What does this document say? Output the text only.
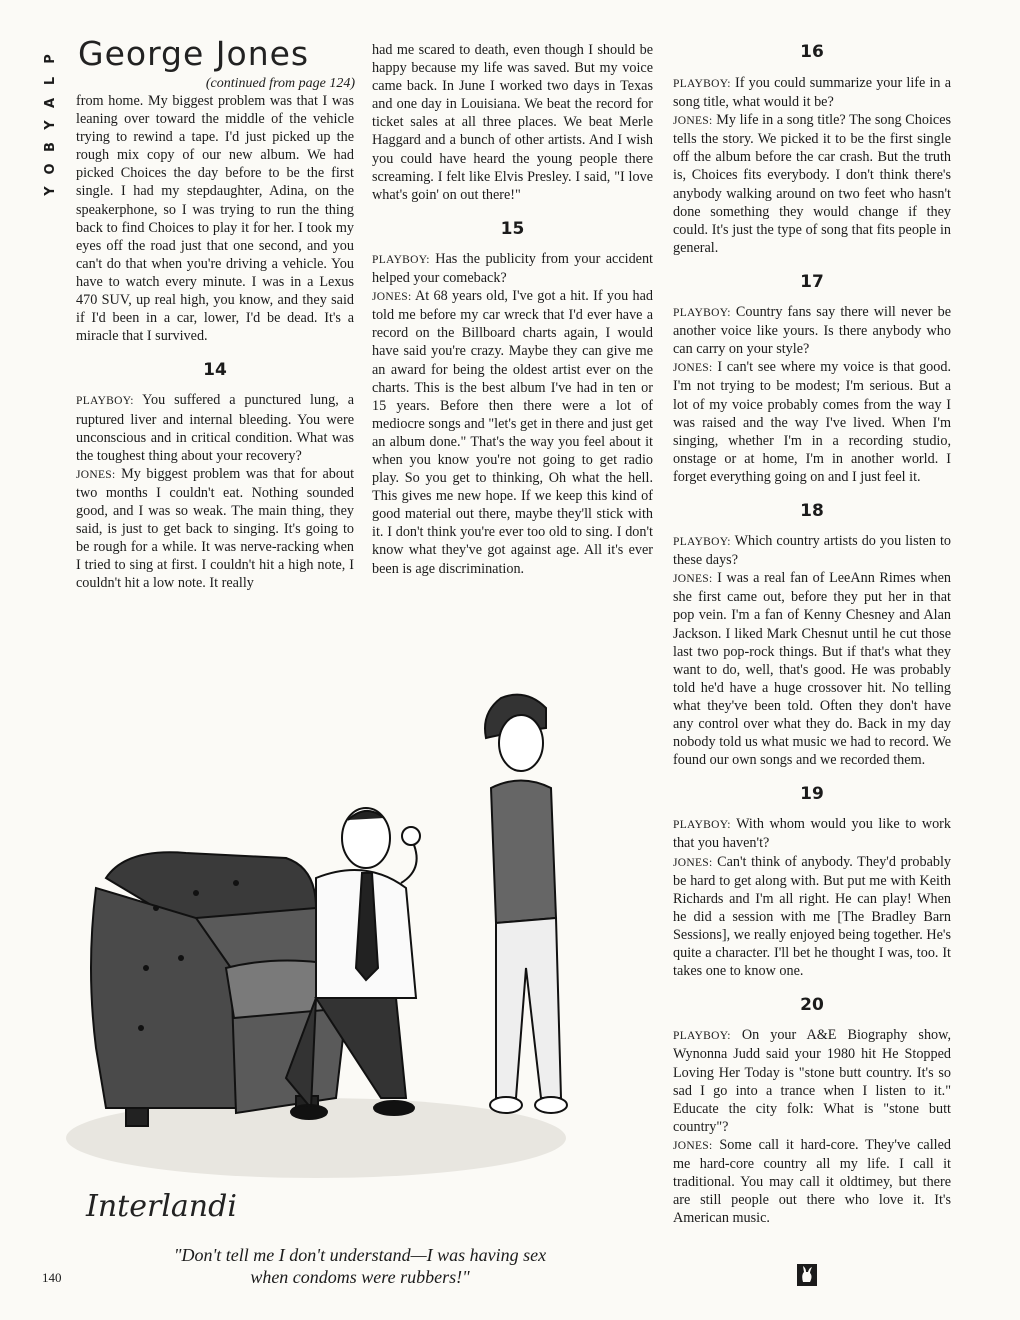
P
L
A
Y
B
O
Y
George Jones
(continued from page 124)

from home. My biggest problem was that I was leaning over toward the middle of the vehicle trying to rewind a tape. I'd just picked up the rough mix copy of our new album. We had picked Choices the day before to be the first single. I had my stepdaughter, Adina, on the speakerphone, so I was trying to run the thing back to find Choices to play it for her. I took my eyes off the road just that one second, and you can't do that when you're driving a vehicle. You have to watch every minute. I was in a Lexus 470 SUV, up real high, you know, and they said if I'd been in a car, lower, I'd be dead. It's a miracle that I survived.

14

PLAYBOY: You suffered a punctured lung, a ruptured liver and internal bleeding. You were unconscious and in critical condition. What was the toughest thing about your recovery?

JONES: My biggest problem was that for about two months I couldn't eat. Nothing sounded good, and I was so weak. The main thing, they said, is just to get back to singing. It's going to be rough for a while. It was nerve-racking when I tried to sing at first. I couldn't hit a high note, I couldn't hit a low note. It really

had me scared to death, even though I should be happy because my life was saved. But my voice came back. In June I worked two days in Texas and one day in Louisiana. We beat the record for ticket sales at all three places. We beat Merle Haggard and a bunch of other artists. And I wish you could have heard the young people there screaming. I felt like Elvis Presley. I said, "I love what's goin' on out there!"

15

PLAYBOY: Has the publicity from your accident helped your comeback?

JONES: At 68 years old, I've got a hit. If you had told me before my car wreck that I'd ever have a record on the Billboard charts again, I would have said you're crazy. Maybe they can give me an award for being the oldest artist ever on the charts. This is the best album I've had in ten or 15 years. Before then there were a lot of mediocre songs and "let's get in there and just get an album done." That's the way you feel about it when you know you're not going to get radio play. So you get to thinking, Oh what the hell. This gives me new hope. If we keep this kind of good material out there, maybe they'll stick with it. I don't think you're ever too old to sing. I don't know what they've got against age. All it's ever been is age discrimination.

16

PLAYBOY: If you could summarize your life in a song title, what would it be?

JONES: My life in a song title? The song Choices tells the story. We picked it to be the first single off the album before the car crash. But the truth is, Choices fits everybody. I don't think there's anybody walking around on two feet who hasn't done something they would change if they could. It's just the type of song that fits people in general.

17

PLAYBOY: Country fans say there will never be another voice like yours. Is there anybody who can carry on your style?

JONES: I can't see where my voice is that good. I'm not trying to be modest; I'm serious. But a lot of my voice probably comes from the way I was raised and the way I've lived. When I'm singing, whether I'm in a recording studio, onstage or at home, I'm in another world. I forget everything going on and I just feel it.

18

PLAYBOY: Which country artists do you listen to these days?

JONES: I was a real fan of LeeAnn Rimes when she first came out, before they put her in that pop vein. I'm a fan of Kenny Chesney and Alan Jackson. I liked Mark Chesnut until he cut those last two pop-rock things. But if that's what they want to do, well, that's good. He was probably told he'd have a huge crossover hit. No telling what they've been told. Often they don't have any control over what they do. Back in my day nobody told us what music we had to record. We found our own songs and we recorded them.

19

PLAYBOY: With whom would you like to work that you haven't?

JONES: Can't think of anybody. They'd probably be hard to get along with. But put me with Keith Richards and I'm all right. He can play! When he did a session with me [The Bradley Barn Sessions], we really enjoyed being together. He's quite a character. I'll bet he thought I was, too. It takes one to know one.

20

PLAYBOY: On your A&E Biography show, Wynonna Judd said your 1980 hit He Stopped Loving Her Today is "stone butt country. It's so sad I go into a trance when I listen to it." Educate the city folk: What is "stone butt country"?

JONES: Some call it hard-core. They've called me hard-core country all my life. I call it traditional. You may call it oldtimey, but there are still people out there who love it. It's American music.

Interlandi
"Don't tell me I don't understand—I was having sex
when condoms were rubbers!"
140
